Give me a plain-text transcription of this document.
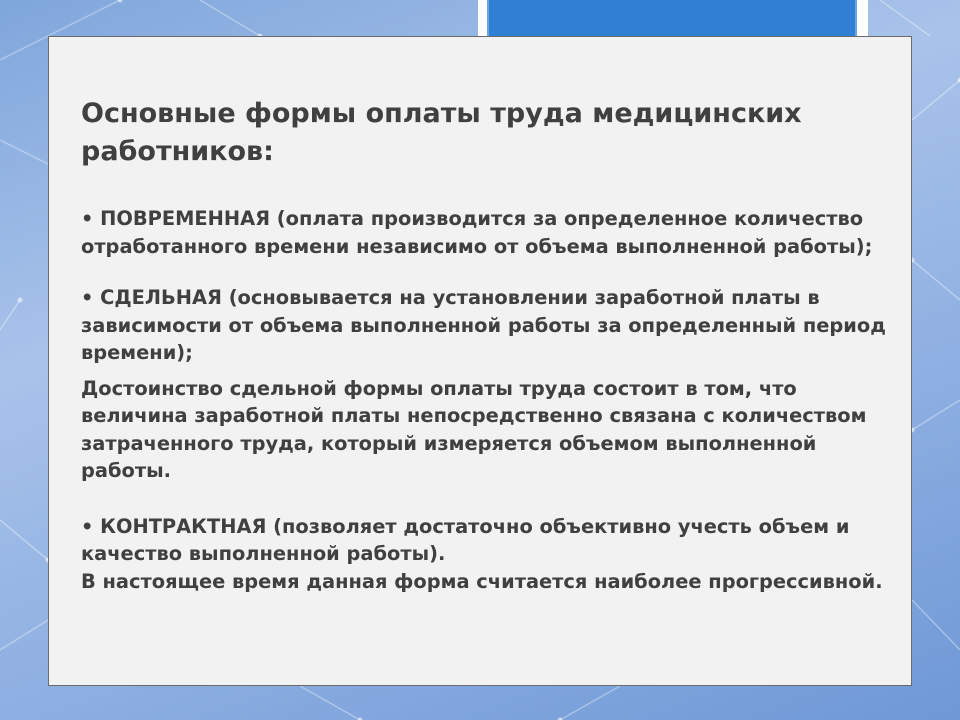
Основные формы оплаты труда медицинских работников:

• ПОВРЕМЕННАЯ (оплата производится за определенное количество отработанного времени независимо от объема выполненной работы);

• СДЕЛЬНАЯ (основывается на установлении заработной платы в зависимости от объема выполненной работы за определенный период времени);

Достоинство сдельной формы оплаты труда состоит в том, что величина заработной платы непосредственно связана с количеством затраченного труда, который измеряется объемом выполненной работы.

• КОНТРАКТНАЯ (позволяет достаточно объективно учесть объем и качество выполненной работы).

В настоящее время данная форма считается наиболее прогрессивной.
